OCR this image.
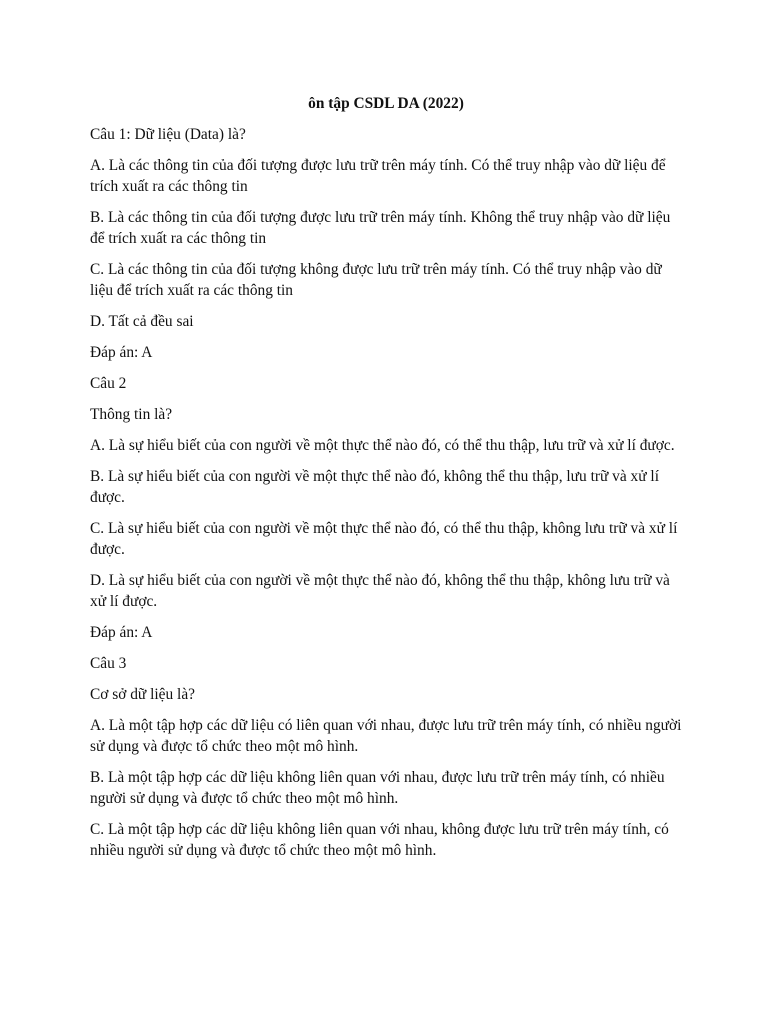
ôn tập CSDL DA (2022)

Câu 1: Dữ liệu (Data) là?

A. Là các thông tin của đối tượng được lưu trữ trên máy tính. Có thể truy nhập vào dữ liệu để trích xuất ra các thông tin

B. Là các thông tin của đối tượng được lưu trữ trên máy tính. Không thể truy nhập vào dữ liệu để trích xuất ra các thông tin

C. Là các thông tin của đối tượng không được lưu trữ trên máy tính. Có thể truy nhập vào dữ liệu để trích xuất ra các thông tin

D. Tất cả đều sai

Đáp án: A

Câu 2

Thông tin là?

A. Là sự hiểu biết của con người về một thực thể nào đó, có thể thu thập, lưu trữ và xử lí được.

B. Là sự hiểu biết của con người về một thực thể nào đó, không thể thu thập, lưu trữ và xử lí được.

C. Là sự hiểu biết của con người về một thực thể nào đó, có thể thu thập, không lưu trữ và xử lí được.

D. Là sự hiểu biết của con người về một thực thể nào đó, không thể thu thập, không lưu trữ và xử lí được.

Đáp án: A

Câu 3

Cơ sở dữ liệu là?

A. Là một tập hợp các dữ liệu có liên quan với nhau, được lưu trữ trên máy tính, có nhiều người sử dụng và được tổ chức theo một mô hình.

B. Là một tập hợp các dữ liệu không liên quan với nhau, được lưu trữ trên máy tính, có nhiều người sử dụng và được tổ chức theo một mô hình.

C. Là một tập hợp các dữ liệu không liên quan với nhau, không được lưu trữ trên máy tính, có nhiều người sử dụng và được tổ chức theo một mô hình.
